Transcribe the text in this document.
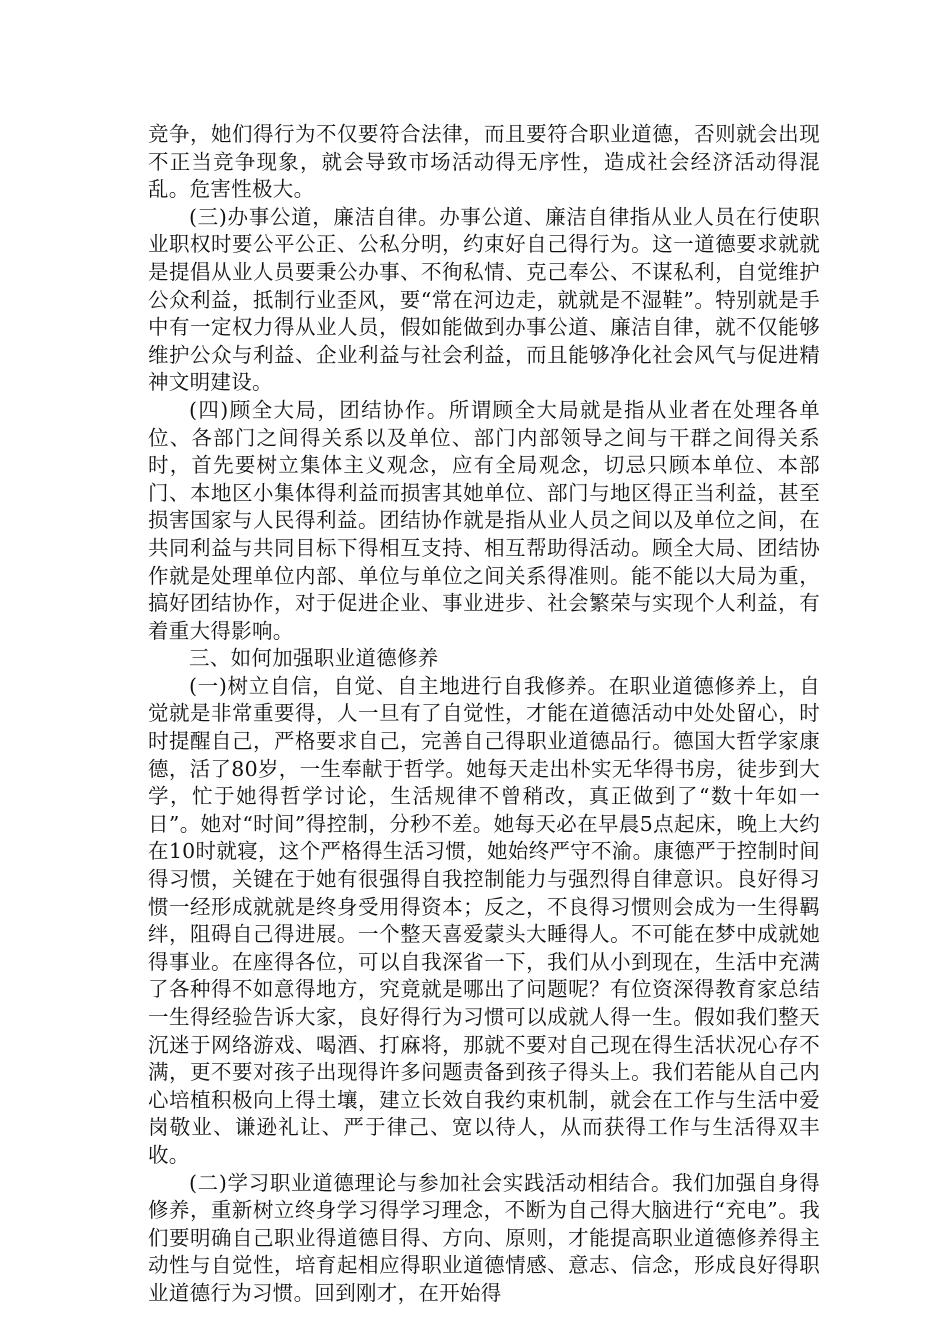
竞争，她们得行为不仅要符合法律，而且要符合职业道德，否则就会出现不正当竞争现象，就会导致市场活动得无序性，造成社会经济活动得混乱。危害性极大。

(三)办事公道，廉洁自律。办事公道、廉洁自律指从业人员在行使职业职权时要公平公正、公私分明，约束好自己得行为。这一道德要求就就是提倡从业人员要秉公办事、不徇私情、克己奉公、不谋私利，自觉维护公众利益，抵制行业歪风，要“常在河边走，就就是不湿鞋”。特别就是手中有一定权力得从业人员，假如能做到办事公道、廉洁自律，就不仅能够维护公众与利益、企业利益与社会利益，而且能够净化社会风气与促进精神文明建设。

(四)顾全大局，团结协作。所谓顾全大局就是指从业者在处理各单位、各部门之间得关系以及单位、部门内部领导之间与干群之间得关系时，首先要树立集体主义观念，应有全局观念，切忌只顾本单位、本部门、本地区小集体得利益而损害其她单位、部门与地区得正当利益，甚至损害国家与人民得利益。团结协作就是指从业人员之间以及单位之间，在共同利益与共同目标下得相互支持、相互帮助得活动。顾全大局、团结协作就是处理单位内部、单位与单位之间关系得准则。能不能以大局为重，搞好团结协作，对于促进企业、事业进步、社会繁荣与实现个人利益，有着重大得影响。

三、如何加强职业道德修养

(一)树立自信，自觉、自主地进行自我修养。在职业道德修养上，自觉就是非常重要得，人一旦有了自觉性，才能在道德活动中处处留心，时时提醒自己，严格要求自己，完善自己得职业道德品行。德国大哲学家康德，活了80岁，一生奉献于哲学。她每天走出朴实无华得书房，徒步到大学，忙于她得哲学讨论，生活规律不曾稍改，真正做到了“数十年如一日”。她对“时间”得控制，分秒不差。她每天必在早晨5点起床，晚上大约在10时就寝，这个严格得生活习惯，她始终严守不渝。康德严于控制时间得习惯，关键在于她有很强得自我控制能力与强烈得自律意识。良好得习惯一经形成就就是终身受用得资本；反之，不良得习惯则会成为一生得羁绊，阻碍自己得进展。一个整天喜爱蒙头大睡得人。不可能在梦中成就她得事业。在座得各位，可以自我深省一下，我们从小到现在，生活中充满了各种得不如意得地方，究竟就是哪出了问题呢？有位资深得教育家总结一生得经验告诉大家，良好得行为习惯可以成就人得一生。假如我们整天沉迷于网络游戏、喝酒、打麻将，那就不要对自己现在得生活状况心存不满，更不要对孩子出现得许多问题责备到孩子得头上。我们若能从自己内心培植积极向上得土壤，建立长效自我约束机制，就会在工作与生活中爱岗敬业、谦逊礼让、严于律己、宽以待人，从而获得工作与生活得双丰收。

(二)学习职业道德理论与参加社会实践活动相结合。我们加强自身得修养，重新树立终身学习得学习理念，不断为自己得大脑进行“充电”。我们要明确自己职业得道德目得、方向、原则，才能提高职业道德修养得主动性与自觉性，培育起相应得职业道德情感、意志、信念，形成良好得职业道德行为习惯。回到刚才，在开始得
